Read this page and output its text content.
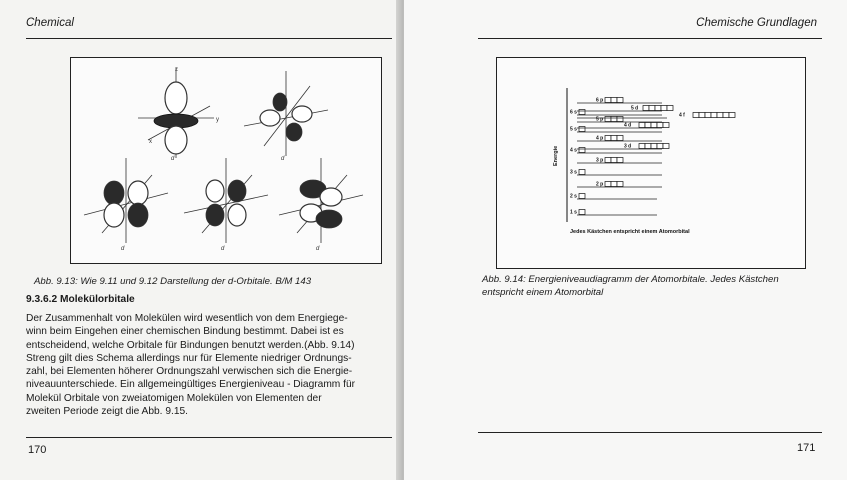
Chemical
z
y
x
d	d
d	d	d
Abb. 9.13: Wie 9.11 und 9.12 Darstellung der d-Orbitale. B/M 143
9.3.6.2 Molekülorbitale

Der Zusammenhalt von Molekülen wird wesentlich von dem Energiege-

winn beim Eingehen einer chemischen Bindung bestimmt. Dabei ist es

entscheidend, welche Orbitale für Bindungen benutzt werden.(Abb. 9.14)

Streng gilt dies Schema allerdings nur für Elemente niedriger Ordnungs-

zahl, bei Elementen höherer Ordnungszahl verwischen sich die Energie-

niveauunterschiede. Ein allgemeingültiges Energieniveau - Diagramm für

Molekül Orbitale von zweiatomigen Molekülen von Elementen der

zweiten Periode zeigt die Abb. 9.15.

170
Chemische Grundlagen
Energie
Jedes Kästchen entspricht einem Atomorbital
1 s
2 s
2 p
3 s
3 p
4 s
3 d
4 p
5 s
4 d
5 p
6 s	4 f
5 d
6 p
Abb. 9.14: Energieniveaudiagramm der Atomorbitale. Jedes Kästchen
entspricht einem Atomorbital
171
